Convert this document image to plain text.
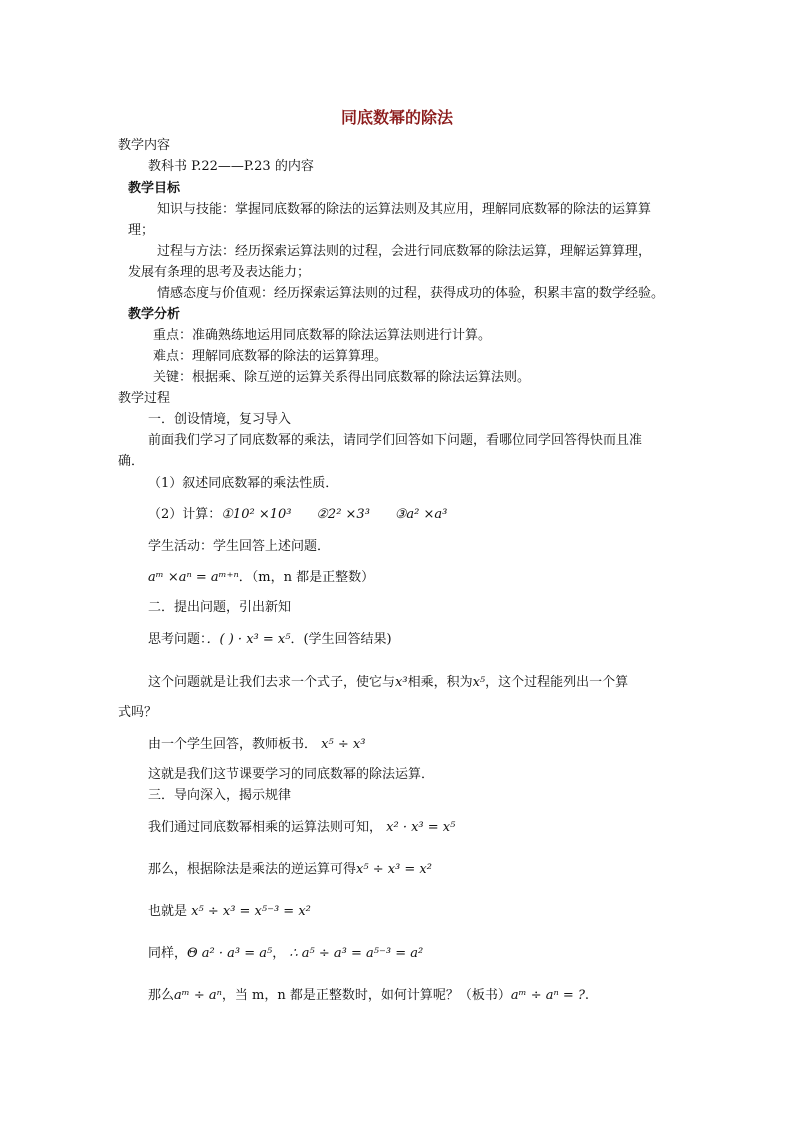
同底数幂的除法
教学内容
教科书 P.22——P.23 的内容
教学目标
知识与技能：掌握同底数幂的除法的运算法则及其应用，理解同底数幂的除法的运算算
理；
过程与方法：经历探索运算法则的过程，会进行同底数幂的除法运算，理解运算算理，
发展有条理的思考及表达能力；
情感态度与价值观：经历探索运算法则的过程，获得成功的体验，积累丰富的数学经验。
教学分析
重点：准确熟练地运用同底数幂的除法运算法则进行计算。
难点：理解同底数幂的除法的运算算理。
关键：根据乘、除互逆的运算关系得出同底数幂的除法运算法则。
教学过程
一．创设情境，复习导入
前面我们学习了同底数幂的乘法，请同学们回答如下问题，看哪位同学回答得快而且准
确．
（1）叙述同底数幂的乘法性质．
（2）计算：①10² ×10³ ②2² ×3³ ③a² ×a³
学生活动：学生回答上述问题．
aᵐ ×aⁿ = aᵐ⁺ⁿ．（m，n 都是正整数）
二．提出问题，引出新知
思考问题：．( ) · x³ = x⁵．(学生回答结果)
这个问题就是让我们去求一个式子，使它与x³相乘，积为x⁵，这个过程能列出一个算
式吗？
由一个学生回答，教师板书． x⁵ ÷ x³
这就是我们这节课要学习的同底数幂的除法运算．
三．导向深入，揭示规律
我们通过同底数幂相乘的运算法则可知， x² · x³ = x⁵
那么，根据除法是乘法的逆运算可得x⁵ ÷ x³ = x²
也就是 x⁵ ÷ x³ = x⁵⁻³ = x²
同样，Θ a² · a³ = a⁵， ∴ a⁵ ÷ a³ = a⁵⁻³ = a²
那么aᵐ ÷ aⁿ，当 m，n 都是正整数时，如何计算呢？（板书）aᵐ ÷ aⁿ = ?.
